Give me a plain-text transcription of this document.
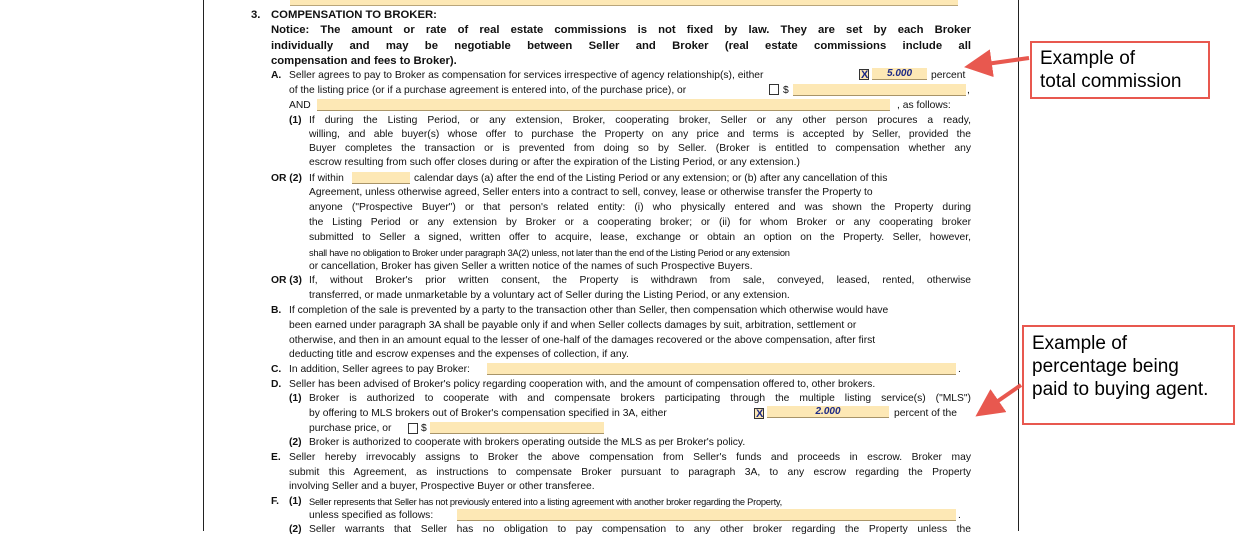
3. COMPENSATION TO BROKER:
Notice: The amount or rate of real estate commissions is not fixed by law. They are set by each Broker
individually and may be negotiable between Seller and Broker (real estate commissions include all
compensation and fees to Broker).
A. Seller agrees to pay to Broker as compensation for services irrespective of agency relationship(s), either	X	5.000	percent
of the listing price (or if a purchase agreement is entered into, of the purchase price), or	$	,
AND	, as follows:
(1) If during the Listing Period, or any extension, Broker, cooperating broker, Seller or any other person procures a ready,
willing, and able buyer(s) whose offer to purchase the Property on any price and terms is accepted by Seller, provided the
Buyer completes the transaction or is prevented from doing so by Seller. (Broker is entitled to compensation whether any
escrow resulting from such offer closes during or after the expiration of the Listing Period, or any extension.)
OR (2) If within	calendar days (a) after the end of the Listing Period or any extension; or (b) after any cancellation of this
Agreement, unless otherwise agreed, Seller enters into a contract to sell, convey, lease or otherwise transfer the Property to
anyone ("Prospective Buyer") or that person's related entity: (i) who physically entered and was shown the Property during
the Listing Period or any extension by Broker or a cooperating broker; or (ii) for whom Broker or any cooperating broker
submitted to Seller a signed, written offer to acquire, lease, exchange or obtain an option on the Property. Seller, however,
shall have no obligation to Broker under paragraph 3A(2) unless, not later than the end of the Listing Period or any extension
or cancellation, Broker has given Seller a written notice of the names of such Prospective Buyers.
OR (3) If, without Broker's prior written consent, the Property is withdrawn from sale, conveyed, leased, rented, otherwise
transferred, or made unmarketable by a voluntary act of Seller during the Listing Period, or any extension.
B. If completion of the sale is prevented by a party to the transaction other than Seller, then compensation which otherwise would have
been earned under paragraph 3A shall be payable only if and when Seller collects damages by suit, arbitration, settlement or
otherwise, and then in an amount equal to the lesser of one-half of the damages recovered or the above compensation, after first
deducting title and escrow expenses and the expenses of collection, if any.
C. In addition, Seller agrees to pay Broker:	.
D. Seller has been advised of Broker's policy regarding cooperation with, and the amount of compensation offered to, other brokers.
(1) Broker is authorized to cooperate with and compensate brokers participating through the multiple listing service(s) ("MLS")
by offering to MLS brokers out of Broker's compensation specified in 3A, either	X	2.000	percent of the
purchase price, or	$
(2) Broker is authorized to cooperate with brokers operating outside the MLS as per Broker's policy.
E. Seller hereby irrevocably assigns to Broker the above compensation from Seller's funds and proceeds in escrow. Broker may
submit this Agreement, as instructions to compensate Broker pursuant to paragraph 3A, to any escrow regarding the Property
involving Seller and a buyer, Prospective Buyer or other transferee.
F. (1) Seller represents that Seller has not previously entered into a listing agreement with another broker regarding the Property,
unless specified as follows:	.
(2) Seller warrants that Seller has no obligation to pay compensation to any other broker regarding the Property unless the
Example of
total commission
Example of
percentage being
paid to buying agent.
